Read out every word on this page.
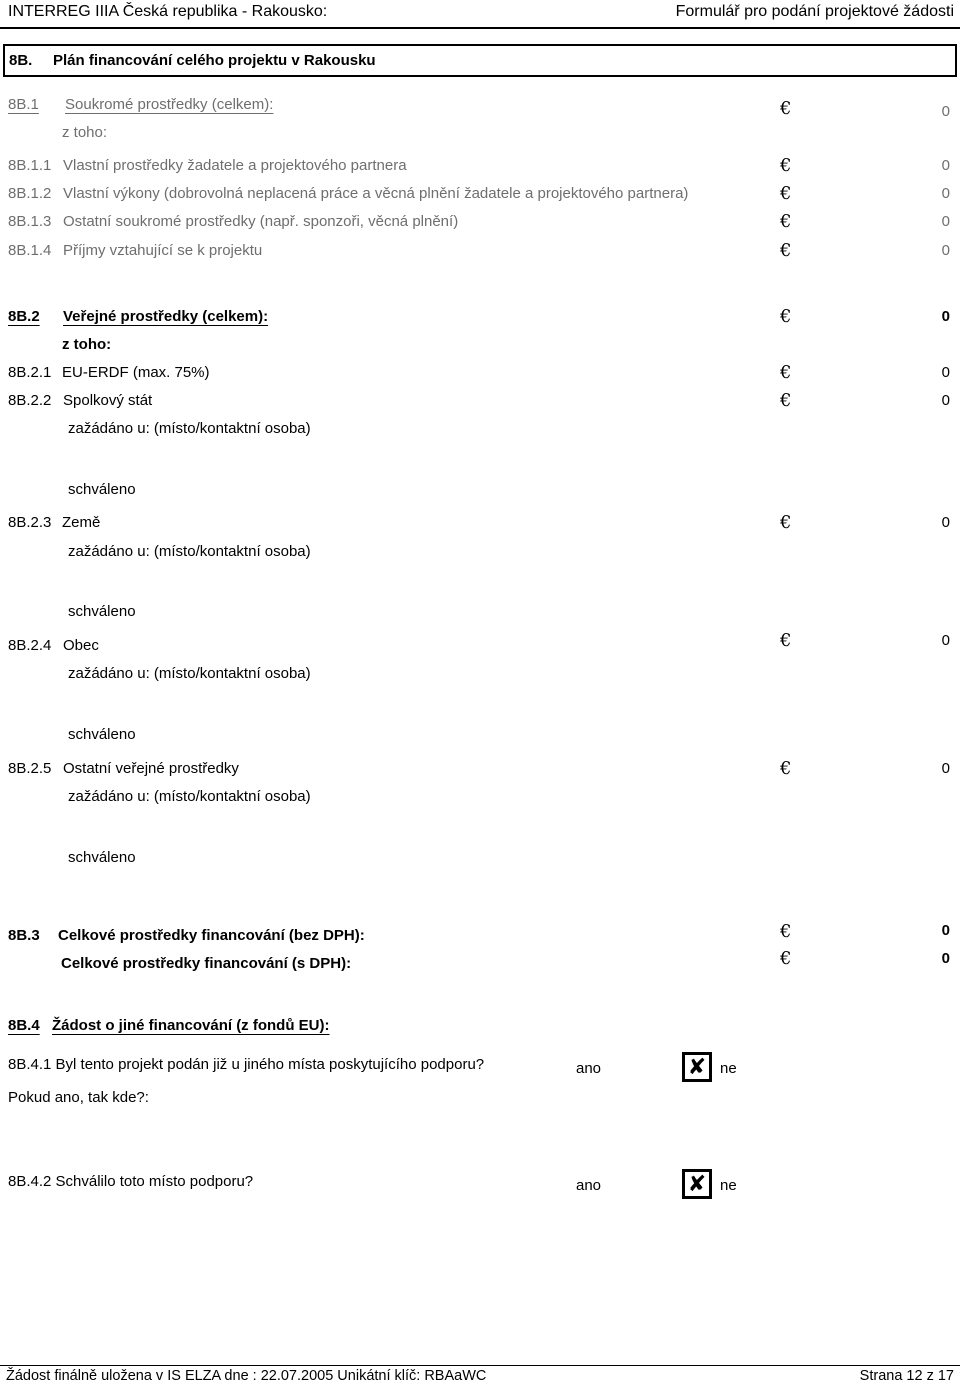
INTERREG IIIA Česká republika - Rakousko:	Formulář pro podání projektové žádosti
8B. Plán financování celého projektu v Rakousku
8B.1 Soukromé prostředky (celkem):	€	0
z toho:
8B.1.1 Vlastní prostředky žadatele a projektového partnera	€	0
8B.1.2 Vlastní výkony (dobrovolná neplacená práce a věcná plnění žadatele a projektového partnera)	€	0
8B.1.3 Ostatní soukromé prostředky (např. sponzoři, věcná plnění)	€	0
8B.1.4 Příjmy vztahující se k projektu	€	0
8B.2 Veřejné prostředky (celkem):	€	0
z toho:
8B.2.1 EU-ERDF (max. 75%)	€	0
8B.2.2 Spolkový stát	€	0
zažádáno u: (místo/kontaktní osoba)
schváleno
8B.2.3 Země	€	0
zažádáno u: (místo/kontaktní osoba)
schváleno
8B.2.4 Obec	€	0
zažádáno u: (místo/kontaktní osoba)
schváleno
8B.2.5 Ostatní veřejné prostředky	€	0
zažádáno u: (místo/kontaktní osoba)
schváleno
8B.3 Celkové prostředky financování (bez DPH):	€	0
Celkové prostředky financování (s DPH):	€	0
8B.4 Žádost o jiné financování (z fondů EU):
8B.4.1 Byl tento projekt podán již u jiného místa poskytujícího podporu?	ano	✘ ne
Pokud ano, tak kde?:
8B.4.2 Schválilo toto místo podporu?	ano	✘ ne
Žádost finálně uložena v IS ELZA dne : 22.07.2005 Unikátní klíč: RBAaWC	Strana 12 z 17
